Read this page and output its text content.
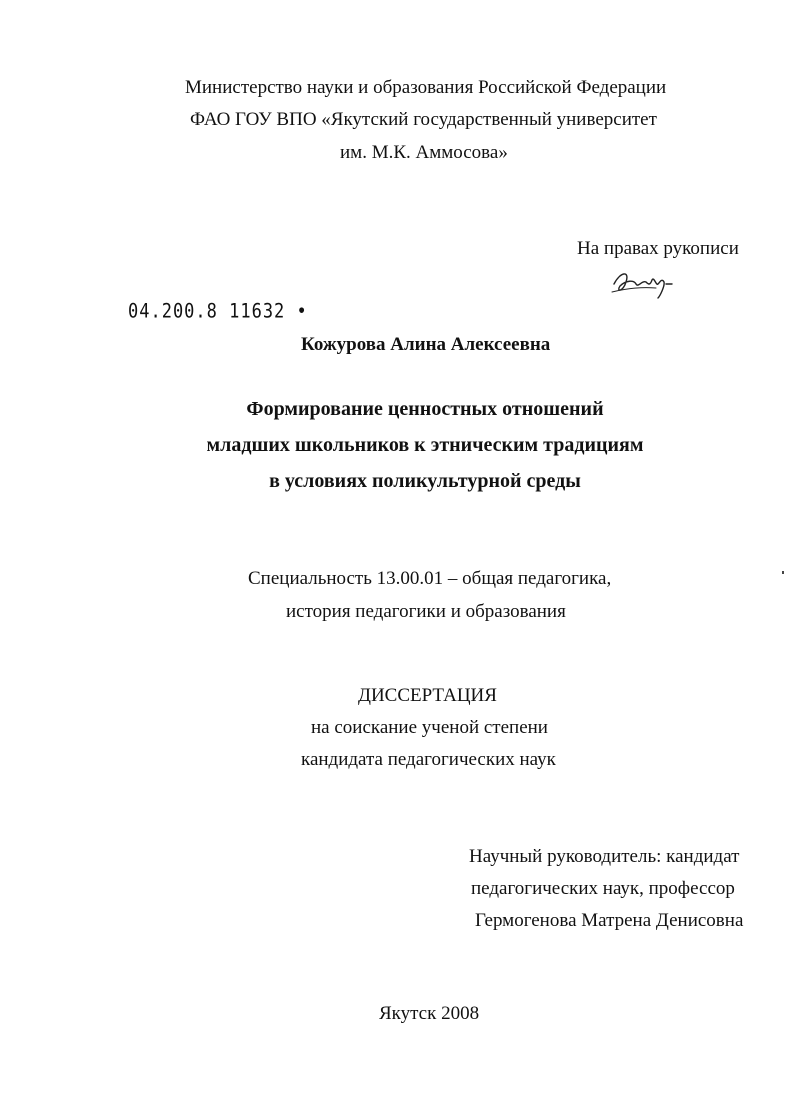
Министерство науки и образования Российской Федерации
ФАО ГОУ ВПО «Якутский государственный университет
им. М.К. Аммосова»
На правах рукописи
04.200.8 11632 •
Кожурова Алина Алексеевна
Формирование ценностных отношений
младших школьников к этническим традициям
в условиях поликультурной среды
Специальность 13.00.01 – общая педагогика,
история педагогики и образования
ДИССЕРТАЦИЯ
на соискание ученой степени
кандидата педагогических наук
Научный руководитель: кандидат
педагогических наук, профессор
Гермогенова Матрена Денисовна
Якутск 2008
